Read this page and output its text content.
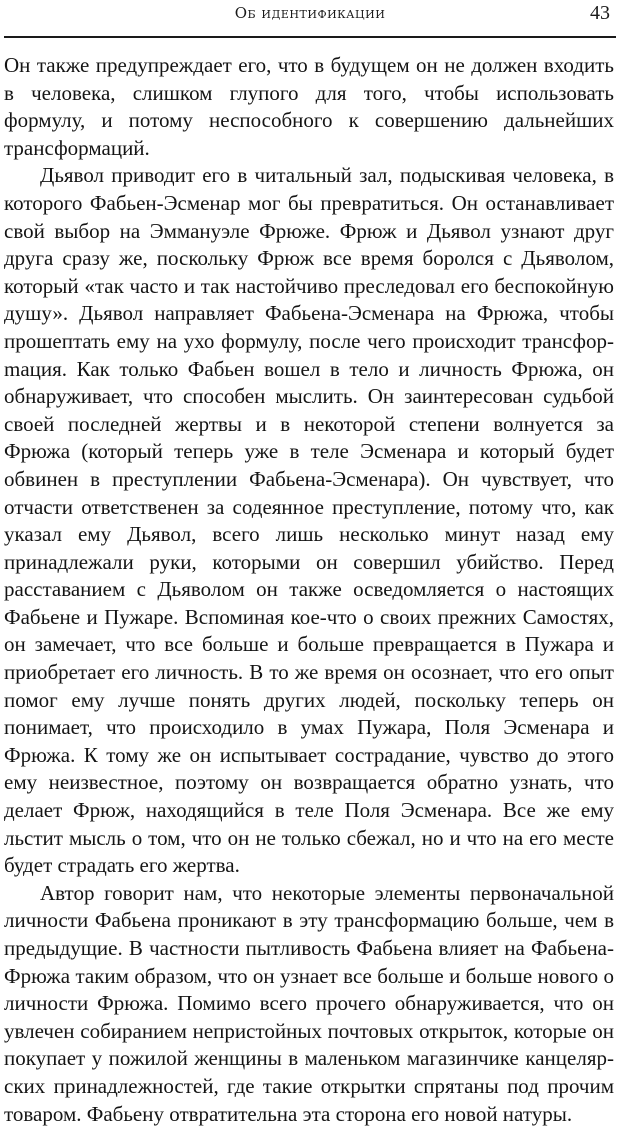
Об идентификации	43

Он также предупреждает его, что в будущем он не должен входить в человека, слишком глупого для того, чтобы использовать формулу, и потому неспособного к совершению дальнейших трансформаций.

Дьявол приводит его в читальный зал, подыскивая человека, в которого Фабьен-Эсменар мог бы превратиться. Он останавливает свой выбор на Эммануэле Фрюже. Фрюж и Дьявол узнают друг друга сразу же, поскольку Фрюж все время боролся с Дьяволом, который «так часто и так настойчиво преследовал его беспокойную душу». Дьявол направляет Фабьена-Эсменара на Фрюжа, чтобы прошептать ему на ухо формулу, после чего происходит трансфорmация. Как только Фабьен вошел в тело и личность Фрюжа, он обнаруживает, что способен мыслить. Он заинтересован судьбой своей последней жертвы и в некоторой степени волнуется за Фрюжа (который теперь уже в теле Эсменара и который будет обвинен в преступлении Фабьена-Эсменара). Он чувствует, что отчасти ответственен за содеянное преступление, потому что, как указал ему Дьявол, всего лишь несколько минут назад ему принадлежали руки, которыми он совершил убийство. Перед расставанием с Дьяволом он также осведомляется о настоящих Фабьене и Пужаре. Вспоминая кое-что о своих прежних Самостях, он замечает, что все больше и больше превращается в Пужара и приобретает его личность. В то же время он осознает, что его опыт помог ему лучше понять других людей, поскольку теперь он понимает, что происходило в умах Пужара, Поля Эсменара и Фрюжа. К тому же он испытывает сострадание, чувство до этого ему неизвестное, поэтому он возвращается обратно узнать, что делает Фрюж, находящийся в теле Поля Эсменара. Все же ему льстит мысль о том, что он не только сбежал, но и что на его месте будет страдать его жертва.

Автор говорит нам, что некоторые элементы первоначальной личности Фабьена проникают в эту трансформацию больше, чем в предыдущие. В частности пытливость Фабьена влияет на Фабьена-Фрюжа таким образом, что он узнает все больше и больше нового о личности Фрюжа. Помимо всего прочего обнаруживается, что он увлечен собиранием непристойных почтовых открыток, которые он покупает у пожилой женщины в маленьком магазинчике канцелярских принадлежностей, где такие открытки спрятаны под прочим товаром. Фабьену отвратительна эта сторона его новой натуры.
